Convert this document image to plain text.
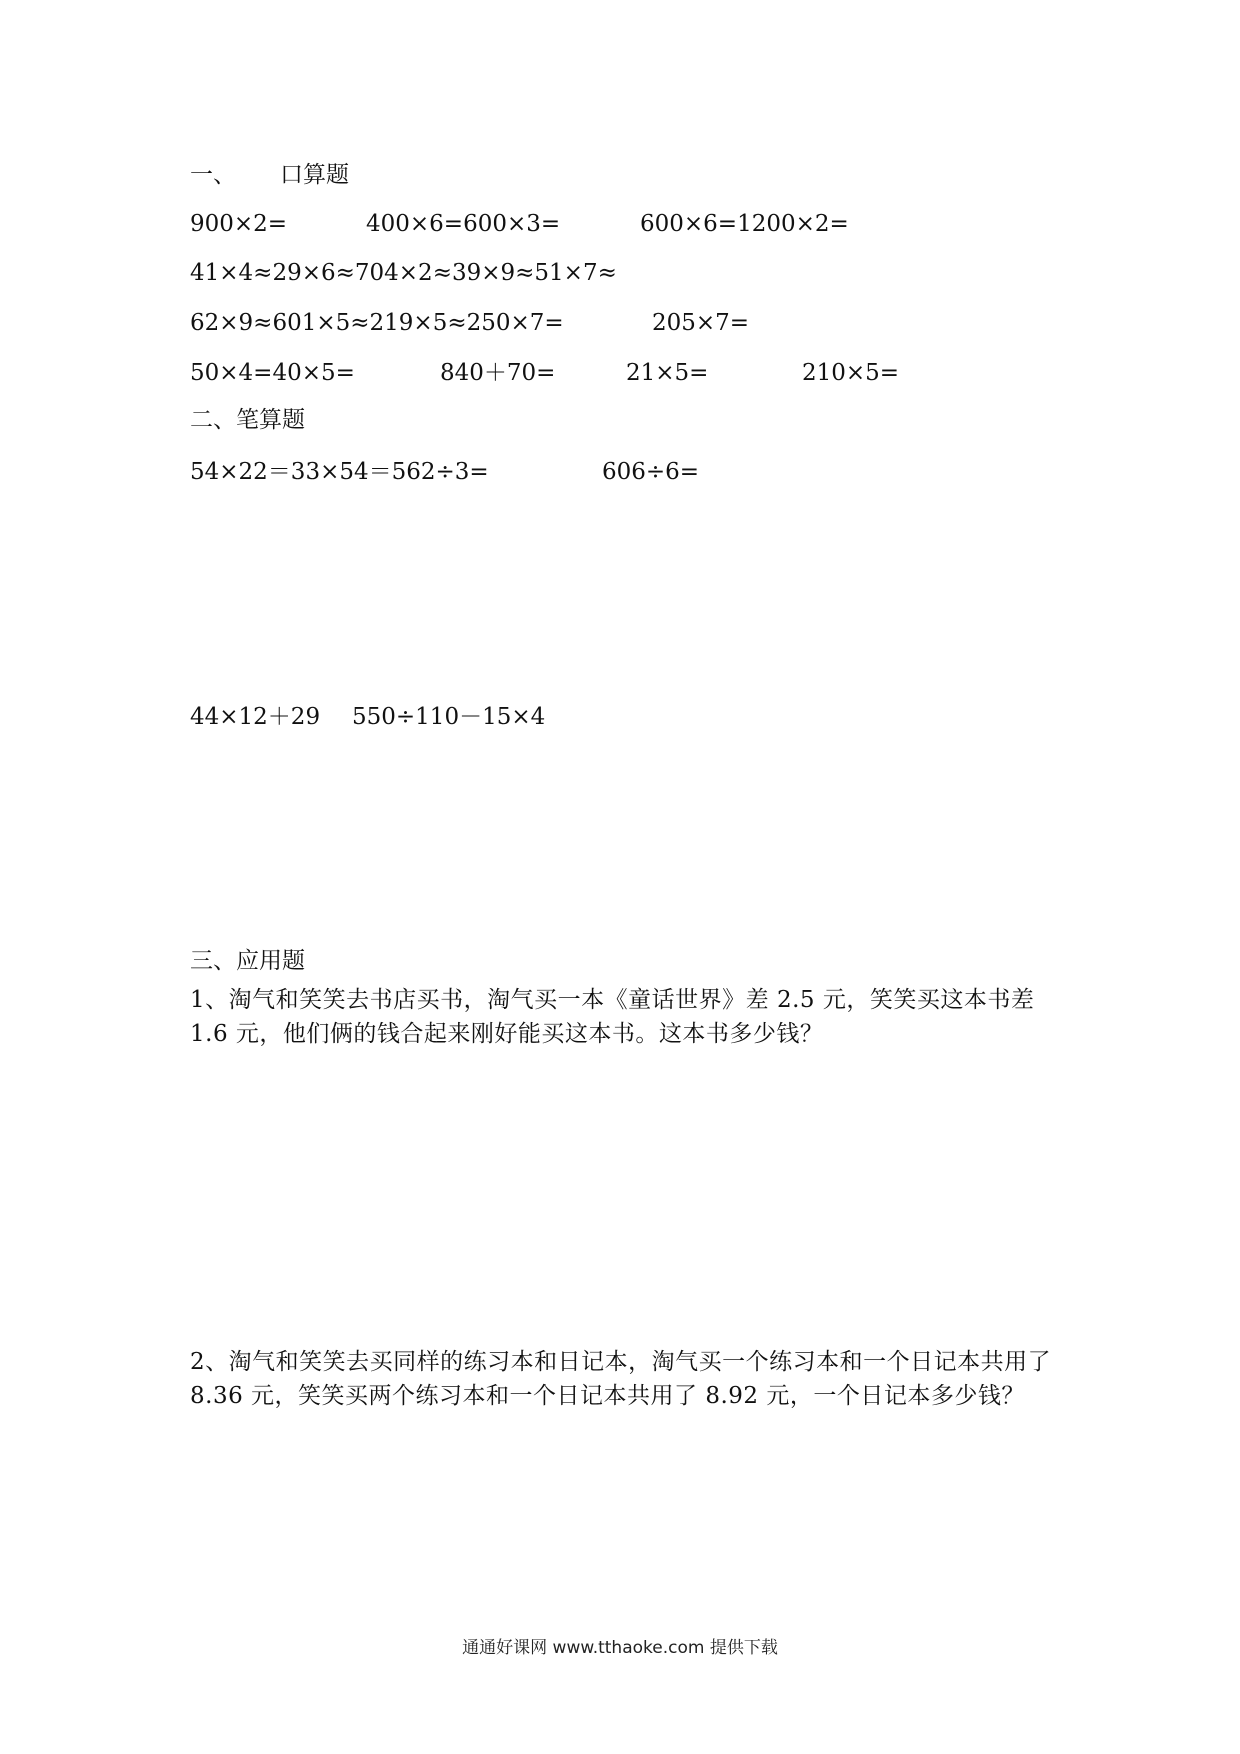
一、 口算题
900×2=	400×6=600×3=	600×6=1200×2=
41×4≈29×6≈704×2≈39×9≈51×7≈
62×9≈601×5≈219×5≈250×7=	205×7=
50×4=40×5=	840＋70=	21×5=	210×5=
二、笔算题
54×22＝33×54＝562÷3=	606÷6=
44×12＋29 550÷110－15×4
三、应用题
1、淘气和笑笑去书店买书，淘气买一本《童话世界》差 2.5 元，笑笑买这本书差 1.6 元，他们俩的钱合起来刚好能买这本书。这本书多少钱？
2、淘气和笑笑去买同样的练习本和日记本，淘气买一个练习本和一个日记本共用了 8.36 元，笑笑买两个练习本和一个日记本共用了 8.92 元，一个日记本多少钱？
通通好课网 www.tthaoke.com 提供下载
